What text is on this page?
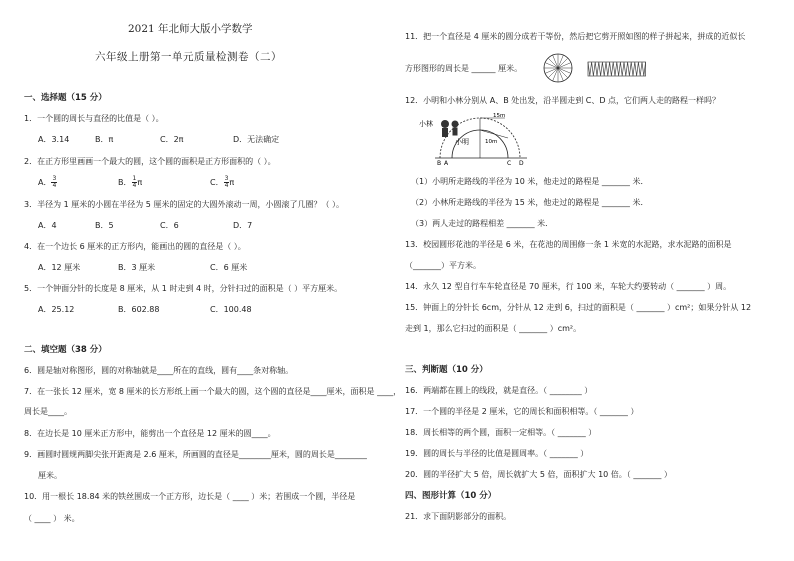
2021 年北师大版小学数学
六年级上册第一单元质量检测卷（二）
一、选择题（15 分）
1．一个圆的周长与直径的比值是（ ）。
A．3.14	B．π	C．2π	D．无法确定
2．在正方形里画画一个最大的圆，这个圆的面积是正方形面积的（ ）。
A． $\frac{3}{4}$	B． $\frac{1}{4}$ π	C． $\frac{3}{4}$ π
3．半径为 1 厘米的小圆在半径为 5 厘米的固定的大圆外滚动一周，小圆滚了几圈？（ ）。
A．4	B．5	C．6	D．7
4．在一个边长 6 厘米的正方形内，能画出的圆的直径是（ ）。
A．12 厘米	B．3 厘米	C．6 厘米
5．一个钟面分针的长度是 8 厘米，从 1 时走到 4 时，分针扫过的面积是（ ）平方厘米。
A．25.12	B．602.88	C．100.48
二、填空题（38 分）
6．圆是轴对称图形，圆的对称轴就是____所在的直线，圆有____条对称轴。
7．在一张长 12 厘米，宽 8 厘米的长方形纸上画一个最大的圆，这个圆的直径是____厘米，面积是 ____，
周长是____。
8．在边长是 10 厘米正方形中，能剪出一个直径是 12 厘米的圆____。
9．画圆时圆规两脚尖张开距离是 2.6 厘米，所画圆的直径是________厘米，圆的周长是________
厘米。
10．用一根长 18.84 米的铁丝围成一个正方形，边长是（ ____ ）米；若围成一个圆，半径是
（ ____ ） 米。
11．把一个直径是 4 厘米的圆分成若干等份，然后把它剪开照如图的样子拼起来，拼成的近似长
方形图形的周长是 ______ 厘米。
12．小明和小林分别从 A、B 处出发，沿半圆走到 C、D 点，它们两人走的路程一样吗？
小林
小明
15m
10m
B A	C D
（1）小明所走路线的半径为 10 米，他走过的路程是 _______ 米．
（2）小林所走路线的半径为 15 米，他走过的路程是 _______ 米．
（3）两人走过的路程相差 _______ 米．
13．校园圆形花池的半径是 6 米，在花池的周围修一条 1 米宽的水泥路，求水泥路的面积是
（_______）平方米。
14．永久 12 型自行车车轮直径是 70 厘米，行 100 米，车轮大约要转动（ _______ ）周。
15．钟面上的分针长 6cm，分针从 12 走到 6，扫过的面积是（ _______ ）cm²；如果分针从 12
走到 1，那么它扫过的面积是（ _______ ）cm²。
三、判断题（10 分）
16．两端都在圆上的线段，就是直径。（ ________ ）
17．一个圆的半径是 2 厘米，它的周长和面积相等。（ _______ ）
18．周长相等的两个圆，面积一定相等。（ _______ ）
19．圆的周长与半径的比值是圆周率。（ _______ ）
20．圆的半径扩大 5 倍，周长就扩大 5 倍，面积扩大 10 倍。（ _______ ）
四、图形计算（10 分）
21．求下面阴影部分的面积。
